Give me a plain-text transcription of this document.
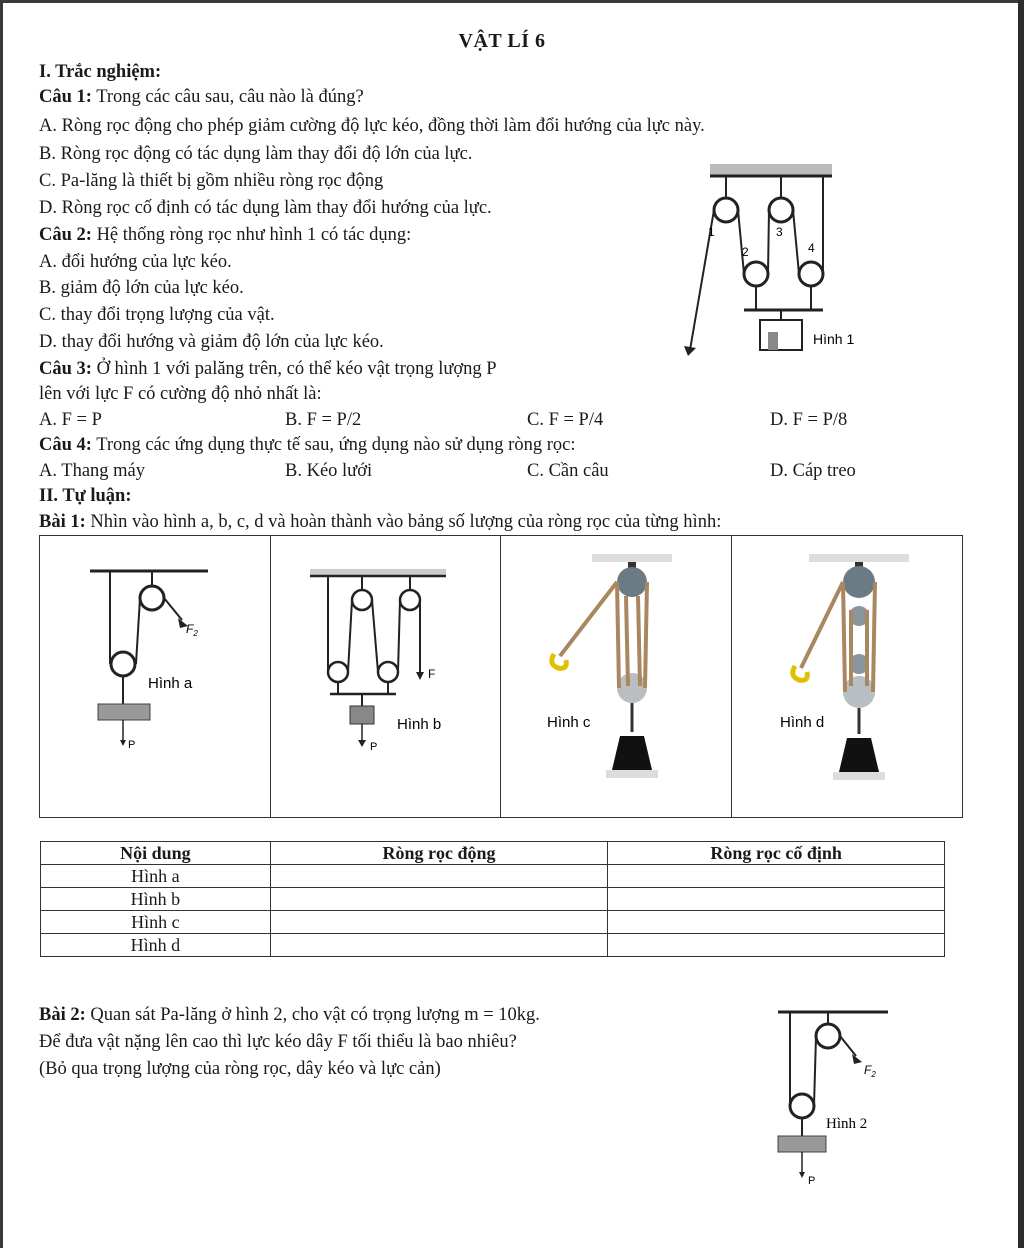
VẬT LÍ 6
I. Trắc nghiệm:
Câu 1: Trong các câu sau, câu nào là đúng?
A. Ròng rọc động cho phép giảm cường độ lực kéo, đồng thời làm đổi hướng của lực này.
B. Ròng rọc động có tác dụng làm thay đổi độ lớn của lực.
C. Pa-lăng là thiết bị gồm nhiều ròng rọc động
D. Ròng rọc cố định có tác dụng làm thay đổi hướng của lực.
Câu 2: Hệ thống ròng rọc như hình 1 có tác dụng:
A. đổi hướng của lực kéo.
B. giảm độ lớn của lực kéo.
C. thay đổi trọng lượng của vật.
D. thay đổi hướng và giảm độ lớn của lực kéo.
Câu 3: Ở hình 1 với palăng trên, có thể kéo vật trọng lượng P
lên với lực F có cường độ nhỏ nhất là:
A. F = P	B. F = P/2	C. F = P/4	D. F = P/8
Câu 4: Trong các ứng dụng thực tế sau, ứng dụng nào sử dụng ròng rọc:
A. Thang máy	B. Kéo lưới	C. Cần câu	D. Cáp treo
1
2
3
4
Hình 1
II. Tự luận:
Bài 1: Nhìn vào hình a, b, c, d và hoàn thành vào bảng số lượng của ròng rọc của từng hình:
$F_2$
P
Hình a
F
P
Hình b	Hình c	Hình d
Nội dung	Ròng rọc động	Ròng rọc cố định
Hình a		
Hình b		
Hình c		
Hình d		
Bài 2: Quan sát Pa-lăng ở hình 2, cho vật có trọng lượng m = 10kg.
Để đưa vật nặng lên cao thì lực kéo dây F tối thiểu là bao nhiêu?
(Bỏ qua trọng lượng của ròng rọc, dây kéo và lực cản)	$F_2$
P
Hình 2
